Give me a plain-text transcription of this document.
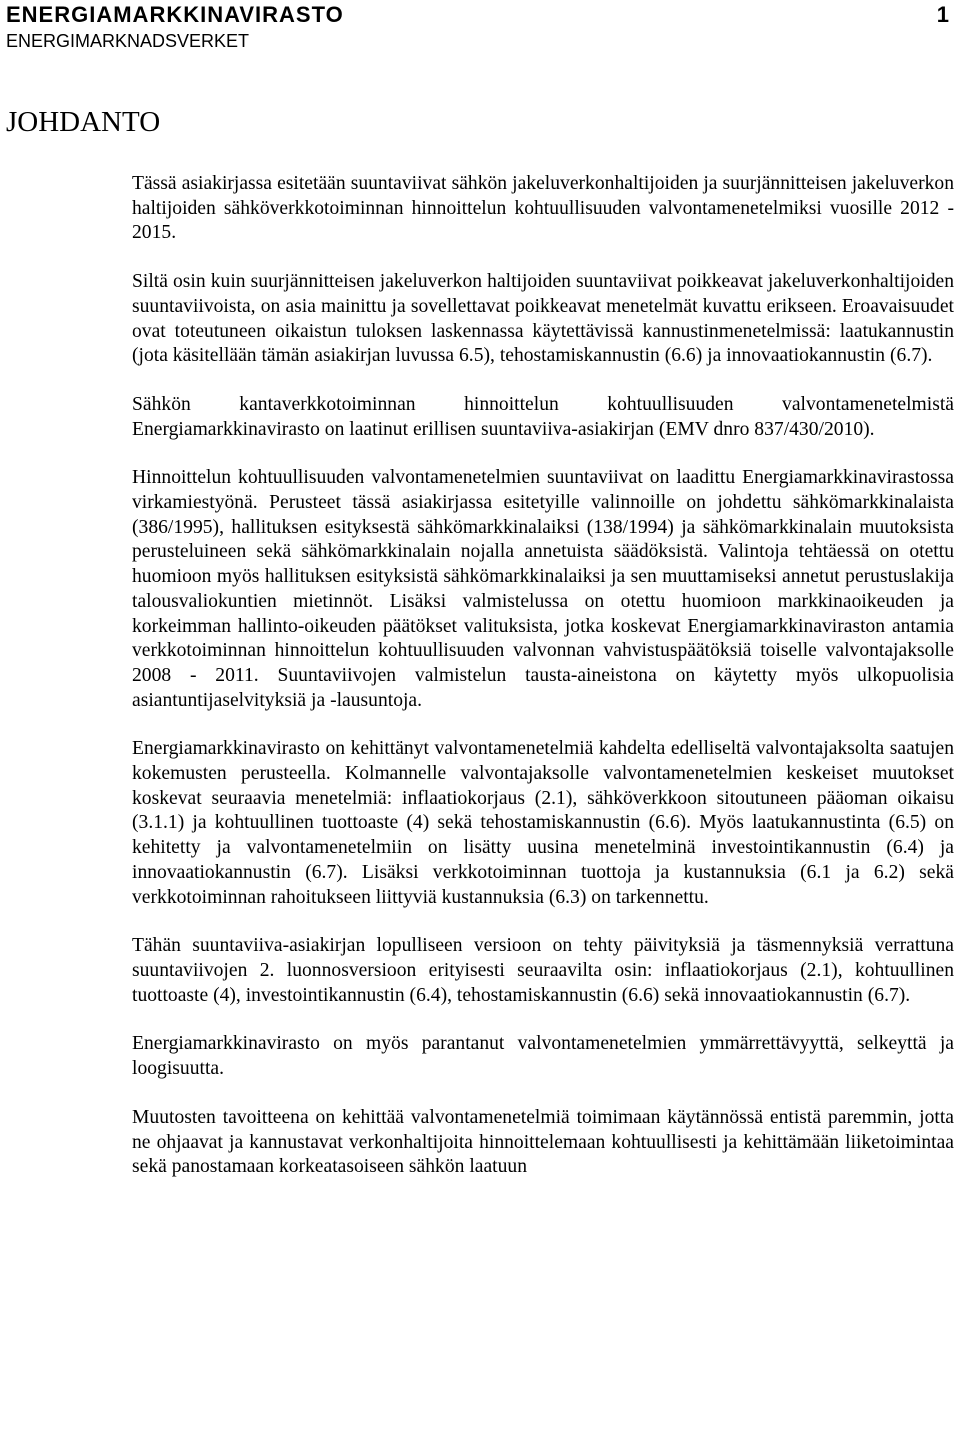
ENERGIAMARKKINAVIRASTO	1
ENERGIMARKNADSVERKET
JOHDANTO

Tässä asiakirjassa esitetään suuntaviivat sähkön jakeluverkonhaltijoiden ja suurjännitteisen jakeluverkon haltijoiden sähköverkkotoiminnan hinnoittelun kohtuullisuuden valvontamenetelmiksi vuosille 2012 - 2015.

Siltä osin kuin suurjännitteisen jakeluverkon haltijoiden suuntaviivat poikkeavat jakeluverkonhaltijoiden suuntaviivoista, on asia mainittu ja sovellettavat poikkeavat menetelmät kuvattu erikseen. Eroavaisuudet ovat toteutuneen oikaistun tuloksen laskennassa käytettävissä kannustinmenetelmissä: laatukannustin (jota käsitellään tämän asiakirjan luvussa 6.5), tehostamiskannustin (6.6) ja innovaatiokannustin (6.7).

Sähkön kantaverkkotoiminnan hinnoittelun kohtuullisuuden valvontamenetelmistä Energiamarkkinavirasto on laatinut erillisen suuntaviiva-asiakirjan (EMV dnro 837/430/2010).

Hinnoittelun kohtuullisuuden valvontamenetelmien suuntaviivat on laadittu Energiamarkkinavirastossa virkamiestyönä. Perusteet tässä asiakirjassa esitetyille valinnoille on johdettu sähkömarkkinalaista (386/1995), hallituksen esityksestä sähkömarkkinalaiksi (138/1994) ja sähkömarkkinalain muutoksista perusteluineen sekä sähkömarkkinalain nojalla annetuista säädöksistä. Valintoja tehtäessä on otettu huomioon myös hallituksen esityksistä sähkömarkkinalaiksi ja sen muuttamiseksi annetut perustuslakija talousvaliokuntien mietinnöt. Lisäksi valmistelussa on otettu huomioon markkinaoikeuden ja korkeimman hallinto-oikeuden päätökset valituksista, jotka koskevat Energiamarkkinaviraston antamia verkkotoiminnan hinnoittelun kohtuullisuuden valvonnan vahvistuspäätöksiä toiselle valvontajaksolle 2008 - 2011. Suuntaviivojen valmistelun tausta-aineistona on käytetty myös ulkopuolisia asiantuntijaselvityksiä ja -lausuntoja.

Energiamarkkinavirasto on kehittänyt valvontamenetelmiä kahdelta edelliseltä valvontajaksolta saatujen kokemusten perusteella. Kolmannelle valvontajaksolle valvontamenetelmien keskeiset muutokset koskevat seuraavia menetelmiä: inflaatiokorjaus (2.1), sähköverkkoon sitoutuneen pääoman oikaisu (3.1.1) ja kohtuullinen tuottoaste (4) sekä tehostamiskannustin (6.6). Myös laatukannustinta (6.5) on kehitetty ja valvontamenetelmiin on lisätty uusina menetelminä investointikannustin (6.4) ja innovaatiokannustin (6.7). Lisäksi verkkotoiminnan tuottoja ja kustannuksia (6.1 ja 6.2) sekä verkkotoiminnan rahoitukseen liittyviä kustannuksia (6.3) on tarkennettu.

Tähän suuntaviiva-asiakirjan lopulliseen versioon on tehty päivityksiä ja täsmennyksiä verrattuna suuntaviivojen 2. luonnosversioon erityisesti seuraavilta osin: inflaatiokorjaus (2.1), kohtuullinen tuottoaste (4), investointikannustin (6.4), tehostamiskannustin (6.6) sekä innovaatiokannustin (6.7).

Energiamarkkinavirasto on myös parantanut valvontamenetelmien ymmärrettävyyttä, selkeyttä ja loogisuutta.

Muutosten tavoitteena on kehittää valvontamenetelmiä toimimaan käytännössä entistä paremmin, jotta ne ohjaavat ja kannustavat verkonhaltijoita hinnoittelemaan kohtuullisesti ja kehittämään liiketoimintaa sekä panostamaan korkeatasoiseen sähkön laatuun
